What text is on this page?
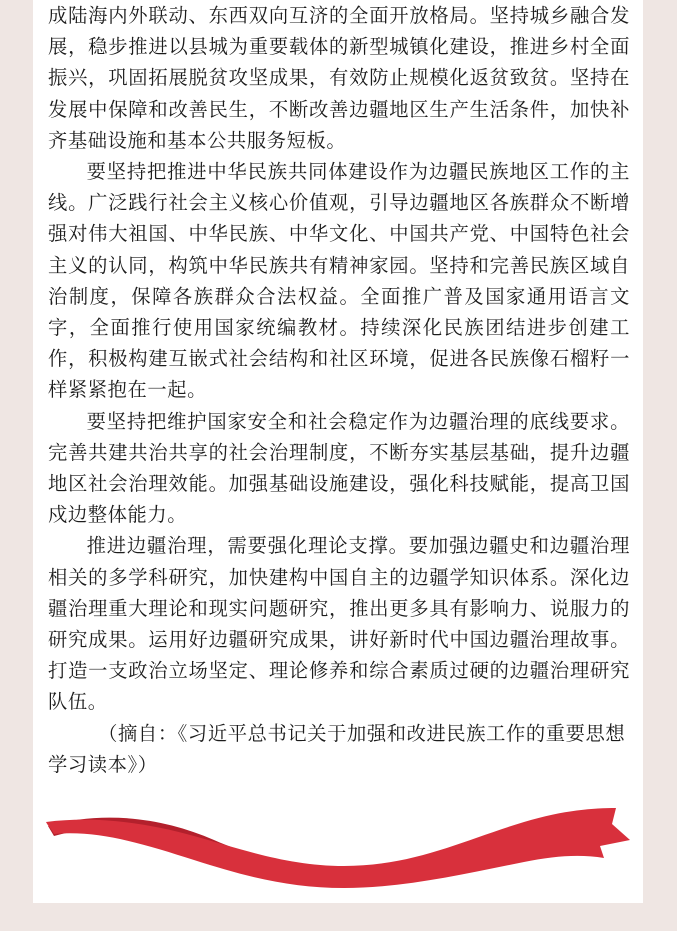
成陆海内外联动、东西双向互济的全面开放格局。坚持城乡融合发展，稳步推进以县城为重要载体的新型城镇化建设，推进乡村全面振兴，巩固拓展脱贫攻坚成果，有效防止规模化返贫致贫。坚持在发展中保障和改善民生，不断改善边疆地区生产生活条件，加快补齐基础设施和基本公共服务短板。

要坚持把推进中华民族共同体建设作为边疆民族地区工作的主线。广泛践行社会主义核心价值观，引导边疆地区各族群众不断增强对伟大祖国、中华民族、中华文化、中国共产党、中国特色社会主义的认同，构筑中华民族共有精神家园。坚持和完善民族区域自治制度，保障各族群众合法权益。全面推广普及国家通用语言文字，全面推行使用国家统编教材。持续深化民族团结进步创建工作，积极构建互嵌式社会结构和社区环境，促进各民族像石榴籽一样紧紧抱在一起。

要坚持把维护国家安全和社会稳定作为边疆治理的底线要求。完善共建共治共享的社会治理制度，不断夯实基层基础，提升边疆地区社会治理效能。加强基础设施建设，强化科技赋能，提高卫国戍边整体能力。

推进边疆治理，需要强化理论支撑。要加强边疆史和边疆治理相关的多学科研究，加快建构中国自主的边疆学知识体系。深化边疆治理重大理论和现实问题研究，推出更多具有影响力、说服力的研究成果。运用好边疆研究成果，讲好新时代中国边疆治理故事。打造一支政治立场坚定、理论修养和综合素质过硬的边疆治理研究队伍。

（摘自：《习近平总书记关于加强和改进民族工作的重要思想学习读本》）
